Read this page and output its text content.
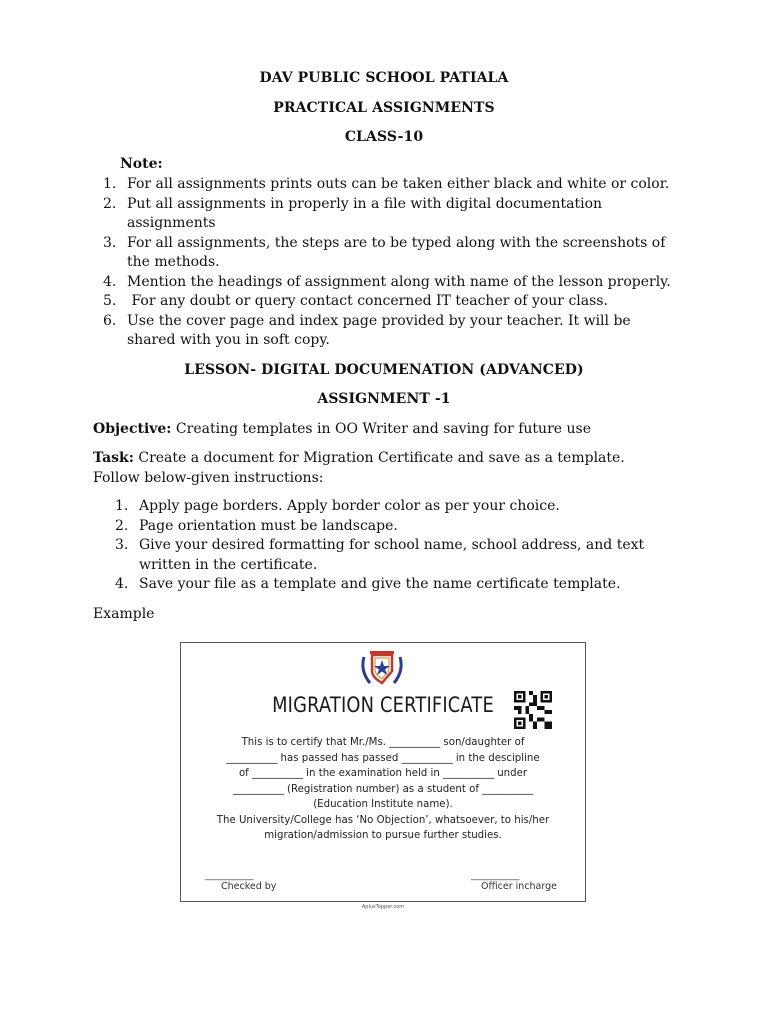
DAV PUBLIC SCHOOL PATIALA
PRACTICAL ASSIGNMENTS
CLASS-10
Note:
1. For all assignments prints outs can be taken either black and white or color.
2. Put all assignments in properly in a file with digital documentation assignments
3. For all assignments, the steps are to be typed along with the screenshots of the methods.
4. Mention the headings of assignment along with name of the lesson properly.
5. For any doubt or query contact concerned IT teacher of your class.
6. Use the cover page and index page provided by your teacher. It will be shared with you in soft copy.
LESSON- DIGITAL DOCUMENATION (ADVANCED)
ASSIGNMENT -1
Objective: Creating templates in OO Writer and saving for future use
Task: Create a document for Migration Certificate and save as a template. Follow below-given instructions:
1. Apply page borders. Apply border color as per your choice.
2. Page orientation must be landscape.
3. Give your desired formatting for school name, school address, and text written in the certificate.
4. Save your file as a template and give the name certificate template.
Example
MIGRATION CERTIFICATE
This is to certify that Mr./Ms. __________ son/daughter of
__________ has passed has passed __________ in the descipline
of __________ in the examination held in __________ under
__________ (Registration number) as a student of __________
(Education Institute name).
The University/College has ‘No Objection’, whatsoever, to his/her
migration/admission to pursue further studies.
____________	____________
Checked by	Officer incharge
AplusTopper.com
